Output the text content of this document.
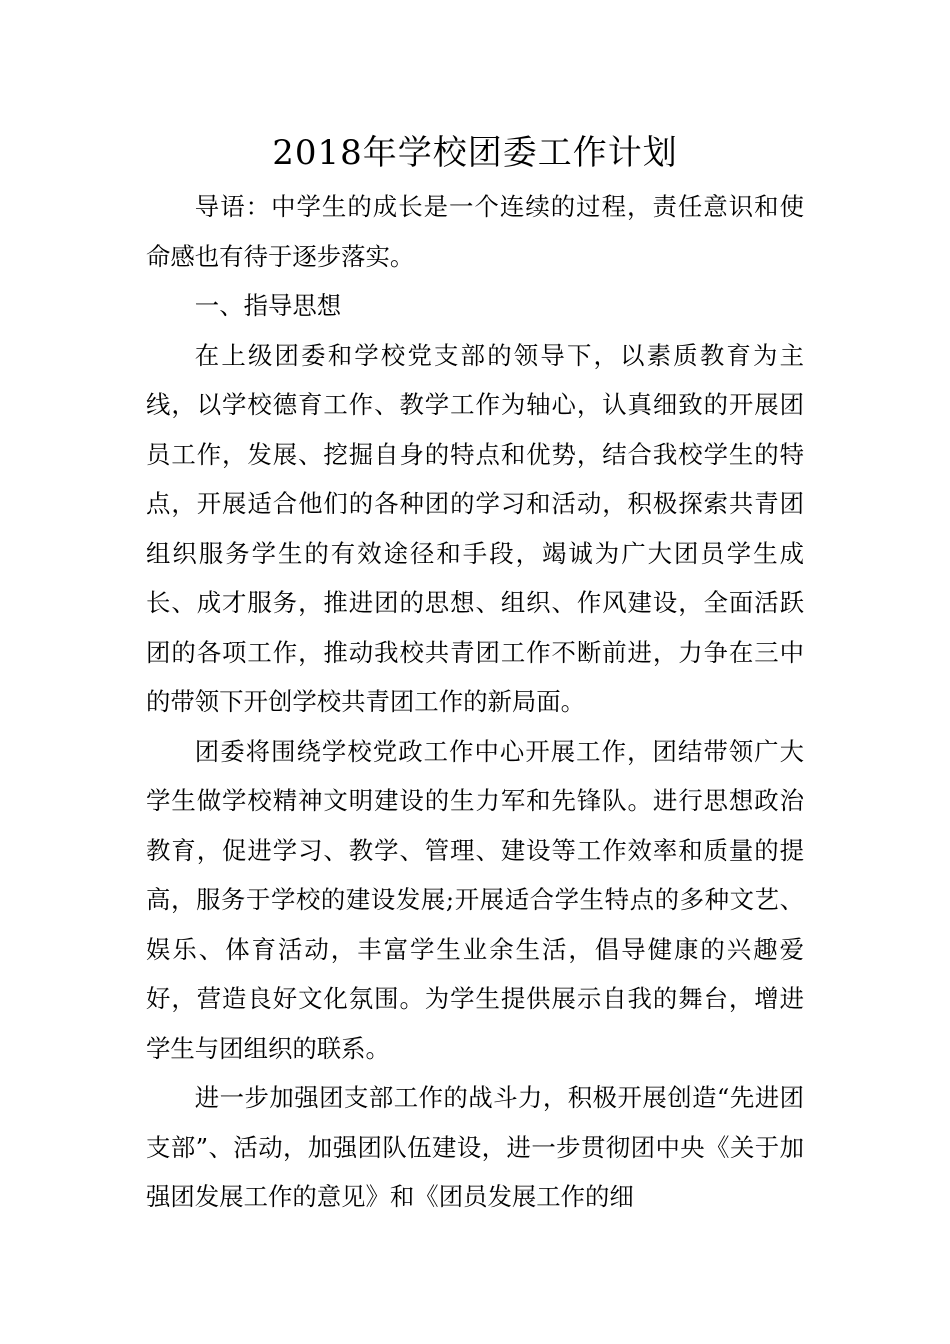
2018年学校团委工作计划

导语：中学生的成长是一个连续的过程，责任意识和使命感也有待于逐步落实。

一、指导思想

在上级团委和学校党支部的领导下，以素质教育为主线，以学校德育工作、教学工作为轴心，认真细致的开展团员工作，发展、挖掘自身的特点和优势，结合我校学生的特点，开展适合他们的各种团的学习和活动，积极探索共青团组织服务学生的有效途径和手段，竭诚为广大团员学生成长、成才服务，推进团的思想、组织、作风建设，全面活跃团的各项工作，推动我校共青团工作不断前进，力争在三中的带领下开创学校共青团工作的新局面。

团委将围绕学校党政工作中心开展工作，团结带领广大学生做学校精神文明建设的生力军和先锋队。进行思想政治教育，促进学习、教学、管理、建设等工作效率和质量的提高，服务于学校的建设发展;开展适合学生特点的多种文艺、娱乐、体育活动，丰富学生业余生活，倡导健康的兴趣爱好，营造良好文化氛围。为学生提供展示自我的舞台，增进学生与团组织的联系。

进一步加强团支部工作的战斗力，积极开展创造“先进团支部”、活动，加强团队伍建设，进一步贯彻团中央《关于加强团发展工作的意见》和《团员发展工作的细
